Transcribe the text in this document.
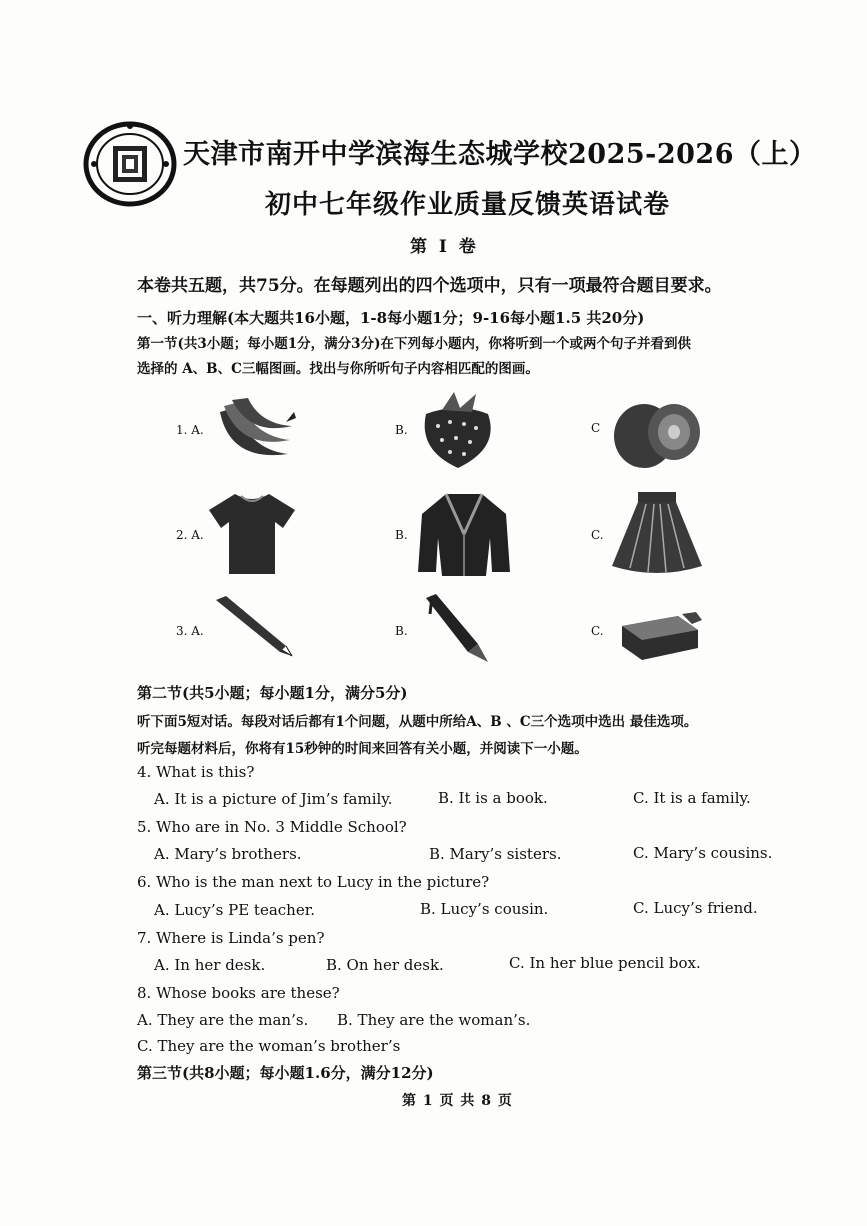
天津市南开中学滨海生态城学校2025-2026（上）
初中七年级作业质量反馈英语试卷
第 I 卷
本卷共五题，共75分。在每题列出的四个选项中，只有一项最符合题目要求。
一、听力理解(本大题共16小题，1-8每小题1分；9-16每小题1.5 共20分)
第一节(共3小题；每小题1分，满分3分)在下列每小题内，你将听到一个或两个句子并看到供
选择的 A、B、C三幅图画。找出与你所听句子内容相匹配的图画。
1. A.	B.	C
2. A.	B.	C.
3. A.	B.	C.
第二节(共5小题；每小题1分，满分5分)
听下面5短对话。每段对话后都有1个问题，从题中所给A、B 、C三个选项中选出 最佳选项。
听完每题材料后，你将有15秒钟的时间来回答有关小题，并阅读下一小题。
4. What is this?
A. It is a picture of Jim’s family.	B. It is a book.	C. It is a family.
5. Who are in No. 3 Middle School?
A. Mary’s brothers.	B. Mary’s sisters.	C. Mary’s cousins.
6. Who is the man next to Lucy in the picture?
A. Lucy’s PE teacher.	B. Lucy’s cousin.	C. Lucy’s friend.
7. Where is Linda’s pen?
A. In her desk.	B. On her desk.	C. In her blue pencil box.
8. Whose books are these?
A. They are the man’s. B. They are the woman’s.
C. They are the woman’s brother’s
第三节(共8小题；每小题1.6分，满分12分)
第 1 页 共 8 页
